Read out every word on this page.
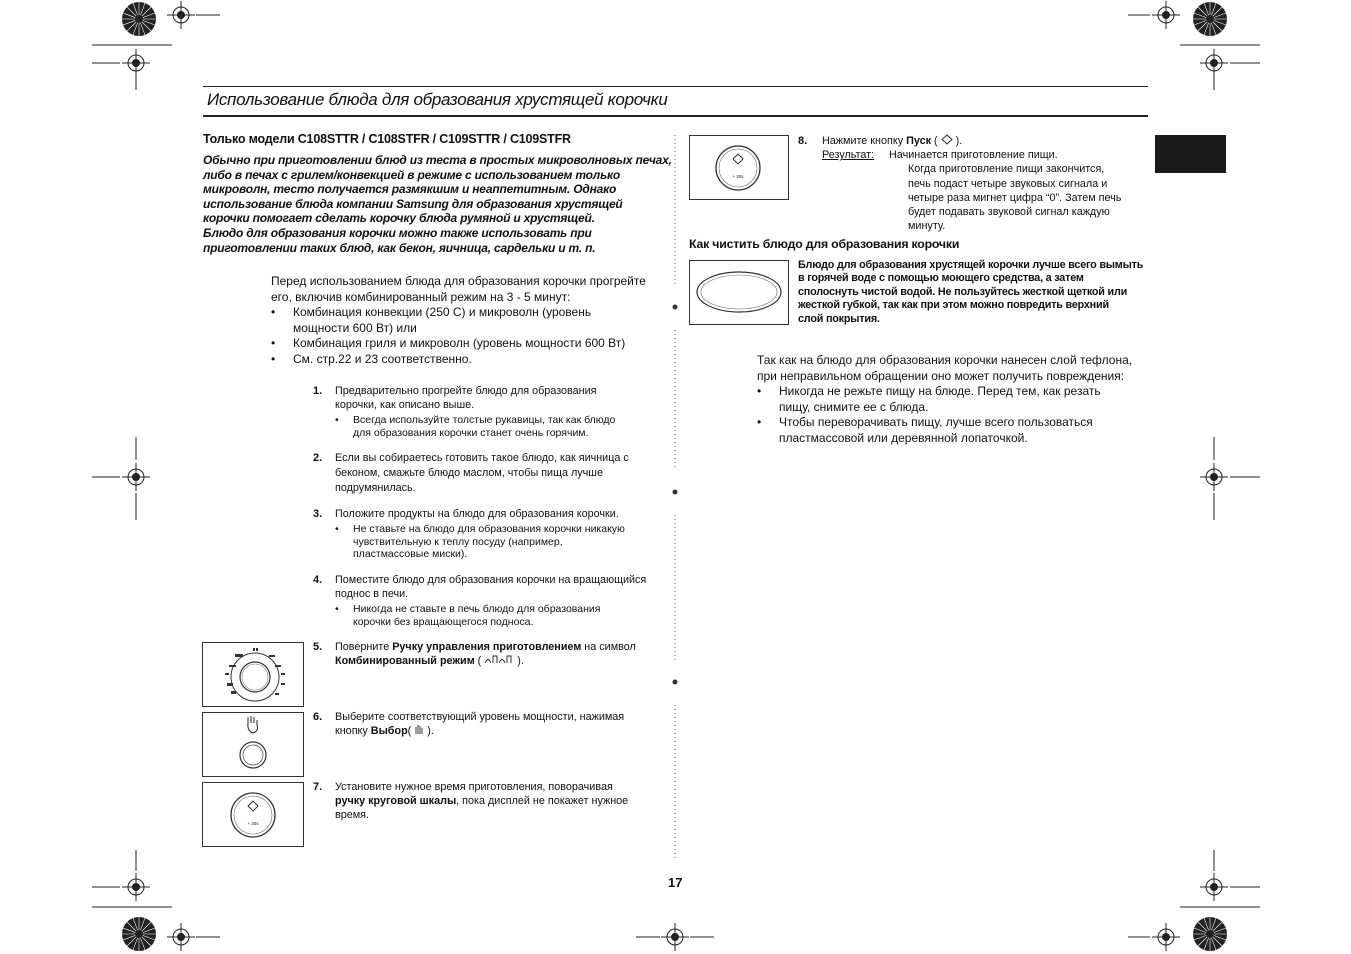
Использование блюда для образования хрустящей корочки
Только модели C108STTR / C108STFR / C109STTR / C109STFR
Обычно при приготовлении блюд из теста в простых микроволновых печах,
либо в печах с грилем/конвекцией в режиме с использованием только
микроволн, тесто получается размякшим и неаппетитным. Однако
использование блюда компании Samsung для образования хрустящей
корочки помогает сделать корочку блюда румяной и хрустящей.
Блюдо для образования корочки можно также использовать при
приготовлении таких блюд, как бекон, яичница, сардельки и т. п.
Перед использованием блюда для образования корочки прогрейте
его, включив комбинированный режим на 3 - 5 минут:
• Комбинация конвекции (250 С) и микроволн (уровень
мощности 600 Вт) или
• Комбинация гриля и микроволн (уровень мощности 600 Вт)
• См. стр.22 и 23 соответственно.
1. Предварительно прогрейте блюдо для образования
корочки, как описано выше.
• Всегда используйте толстые рукавицы, так как блюдо
для образования корочки станет очень горячим.
2. Если вы собираетесь готовить такое блюдо, как яичница с
беконом, смажьте блюдо маслом, чтобы пища лучше
подрумянилась.
3. Положите продукты на блюдо для образования корочки.
• Не ставьте на блюдо для образования корочки никакую
чувствительную к теплу посуду (например,
пластмассовые миски).
4. Поместите блюдо для образования корочки на вращающийся
поднос в печи.
• Никогда не ставьте в печь блюдо для образования
корочки без вращающегося подноса.
5. Поверните Ручку управления приготовлением на символ
Комбинированный режим (	).
6. Выберите соответствующий уровень мощности, нажимая
кнопку Выбор(  ).
+ 30s
7. Установите нужное время приготовления, поворачивая
ручку круговой шкалы, пока дисплей не покажет нужное
время.
+ 30s
8. Нажмите кнопку Пуск (  ).
Результат: Начинается приготовление пищи.
Когда приготовление пищи закончится,
печь подаст четыре звуковых сигнала и
четыре раза мигнет цифра “0”. Затем печь
будет подавать звуковой сигнал каждую
минуту.
Как чистить блюдо для образования корочки
Блюдо для образования хрустящей корочки лучше всего вымыть
в горячей воде с помощью моющего средства, а затем
сполоснуть чистой водой. Не пользуйтесь жесткой щеткой или
жесткой губкой, так как при этом можно повредить верхний
слой покрытия.
Так как на блюдо для образования корочки нанесен слой тефлона,
при неправильном обращении оно может получить повреждения:
• Никогда не режьте пищу на блюде. Перед тем, как резать
пищу, снимите ее с блюда.
• Чтобы переворачивать пищу, лучше всего пользоваться
пластмассовой или деревянной лопаточкой.
17
